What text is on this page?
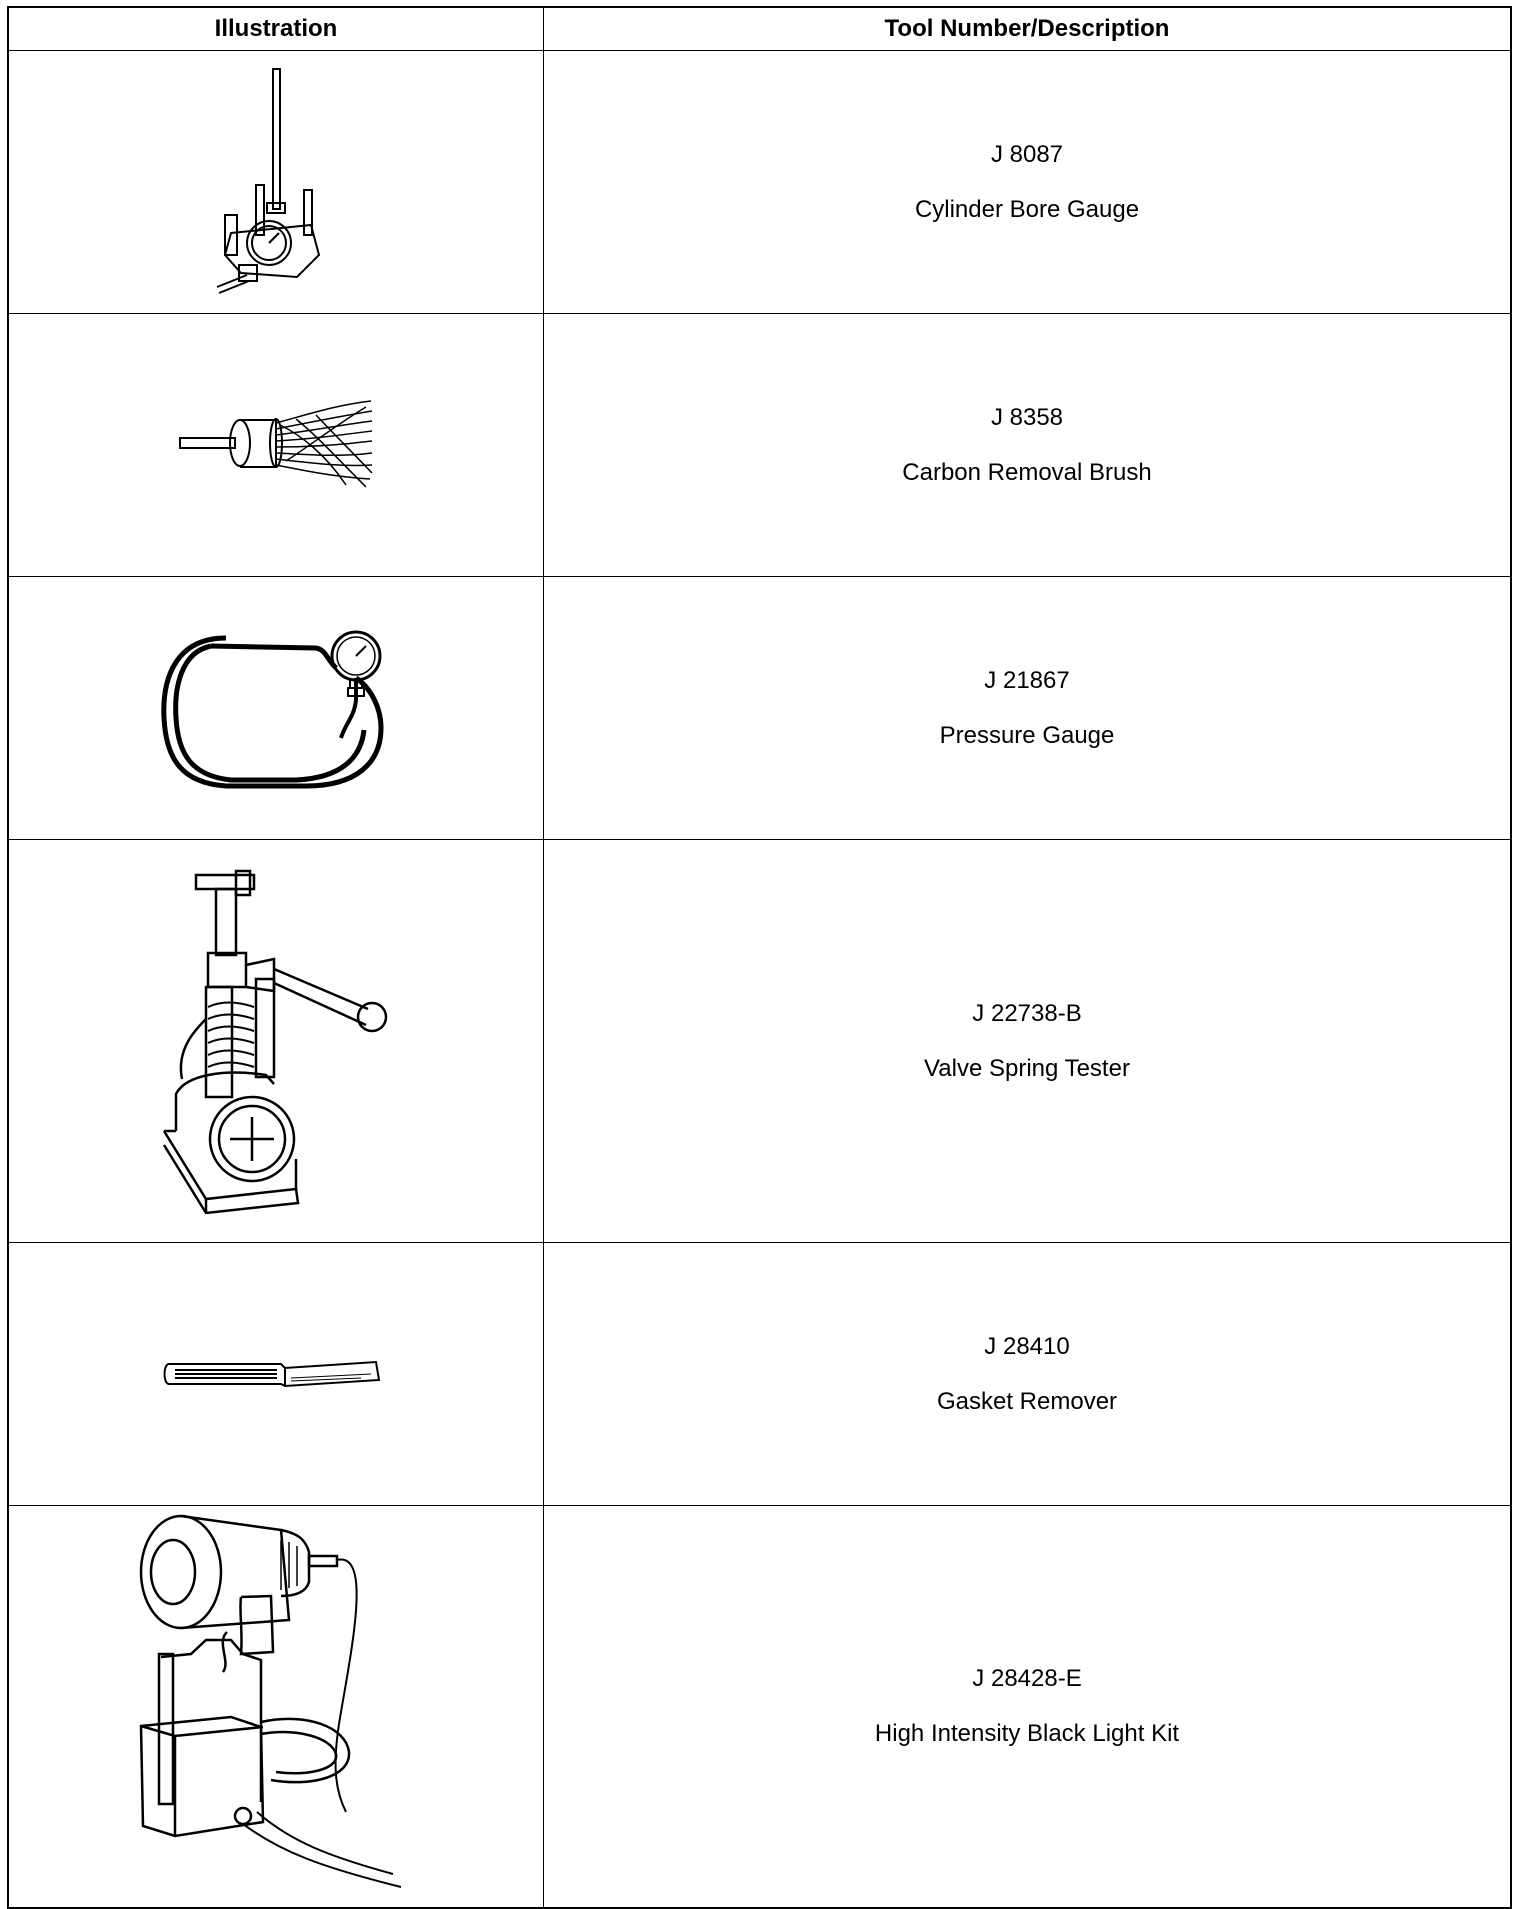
Illustration	Tool Number/Description
J 8087
Cylinder Bore Gauge
J 8358
Carbon Removal Brush
J 21867
Pressure Gauge
J 22738-B
Valve Spring Tester
J 28410
Gasket Remover
J 28428-E
High Intensity Black Light Kit
